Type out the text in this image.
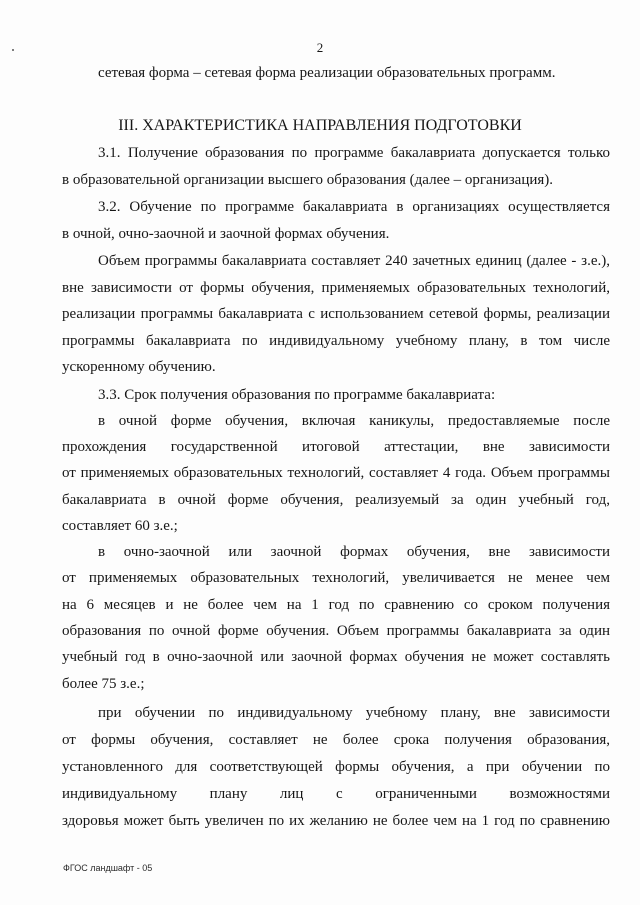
2
сетевая форма – сетевая форма реализации образовательных программ.
III. ХАРАКТЕРИСТИКА НАПРАВЛЕНИЯ ПОДГОТОВКИ
3.1. Получение образования по программе бакалавриата допускается только
в образовательной организации высшего образования (далее – организация).
3.2. Обучение по программе бакалавриата в организациях осуществляется
в очной, очно-заочной и заочной формах обучения.
Объем программы бакалавриата составляет 240 зачетных единиц (далее - з.е.),
вне зависимости от формы обучения, применяемых образовательных технологий,
реализации программы бакалавриата с использованием сетевой формы, реализации
программы бакалавриата по индивидуальному учебному плану, в том числе
ускоренному обучению.
3.3. Срок получения образования по программе бакалавриата:
в очной форме обучения, включая каникулы, предоставляемые после
прохождения государственной итоговой аттестации, вне зависимости
от применяемых образовательных технологий, составляет 4 года. Объем программы
бакалавриата в очной форме обучения, реализуемый за один учебный год,
составляет 60 з.е.;
в очно-заочной или заочной формах обучения, вне зависимости
от применяемых образовательных технологий, увеличивается не менее чем
на 6 месяцев и не более чем на 1 год по сравнению со сроком получения
образования по очной форме обучения. Объем программы бакалавриата за один
учебный год в очно-заочной или заочной формах обучения не может составлять
более 75 з.е.;
при обучении по индивидуальному учебному плану, вне зависимости
от формы обучения, составляет не более срока получения образования,
установленного для соответствующей формы обучения, а при обучении по
индивидуальному плану лиц с ограниченными возможностями
здоровья может быть увеличен по их желанию не более чем на 1 год по сравнению
ФГОС ландшафт - 05
